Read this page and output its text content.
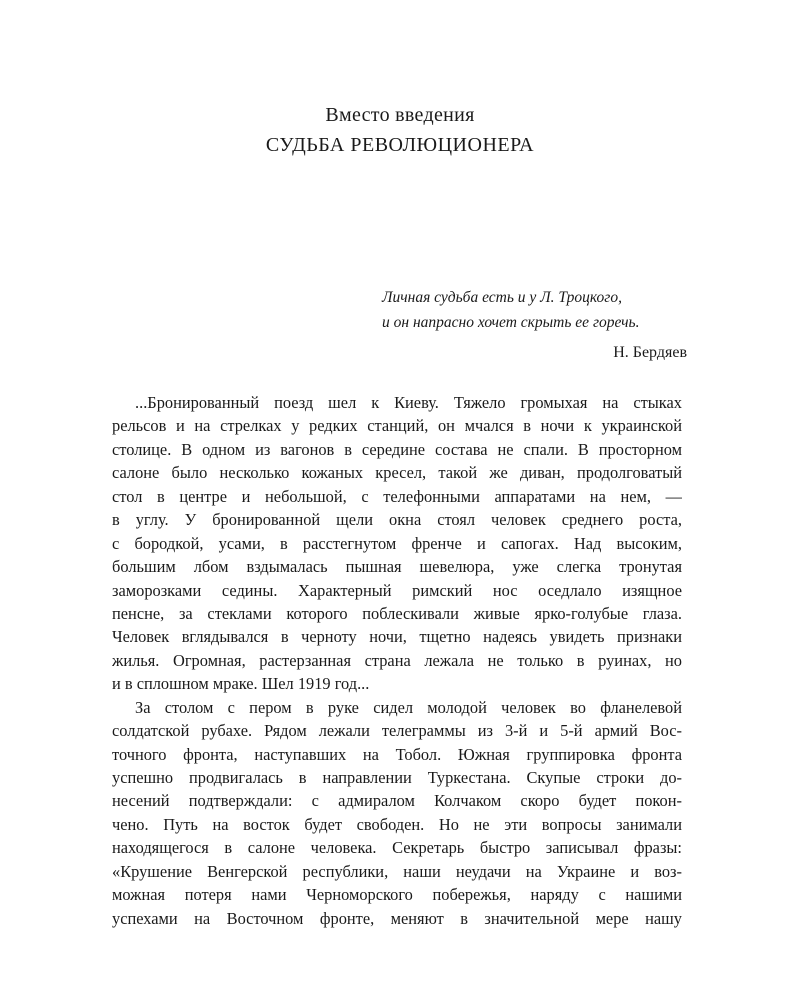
Вместо введения

СУДЬБА РЕВОЛЮЦИОНЕРА

Личная судьба есть и у Л. Троцкого,

и он напрасно хочет скрыть ее горечь.

Н. Бердяев
...Бронированный поезд шел к Киеву. Тяжело громыхая на стыках
рельсов и на стрелках у редких станций, он мчался в ночи к украинской
столице. В одном из вагонов в середине состава не спали. В просторном
салоне было несколько кожаных кресел, такой же диван, продолговатый
стол в центре и небольшой, с телефонными аппаратами на нем, —
в углу. У бронированной щели окна стоял человек среднего роста,
с бородкой, усами, в расстегнутом френче и сапогах. Над высоким,
большим лбом вздымалась пышная шевелюра, уже слегка тронутая
заморозками седины. Характерный римский нос оседлало изящное
пенсне, за стеклами которого поблескивали живые ярко-голубые глаза.
Человек вглядывался в черноту ночи, тщетно надеясь увидеть признаки
жилья. Огромная, растерзанная страна лежала не только в руинах, но
и в сплошном мраке. Шел 1919 год...
За столом с пером в руке сидел молодой человек во фланелевой
солдатской рубахе. Рядом лежали телеграммы из 3-й и 5-й армий Вос-
точного фронта, наступавших на Тобол. Южная группировка фронта
успешно продвигалась в направлении Туркестана. Скупые строки до-
несений подтверждали: с адмиралом Колчаком скоро будет покон-
чено. Путь на восток будет свободен. Но не эти вопросы занимали
находящегося в салоне человека. Секретарь быстро записывал фразы:
«Крушение Венгерской республики, наши неудачи на Украине и воз-
можная потеря нами Черноморского побережья, наряду с нашими
успехами на Восточном фронте, меняют в значительной мере нашу
